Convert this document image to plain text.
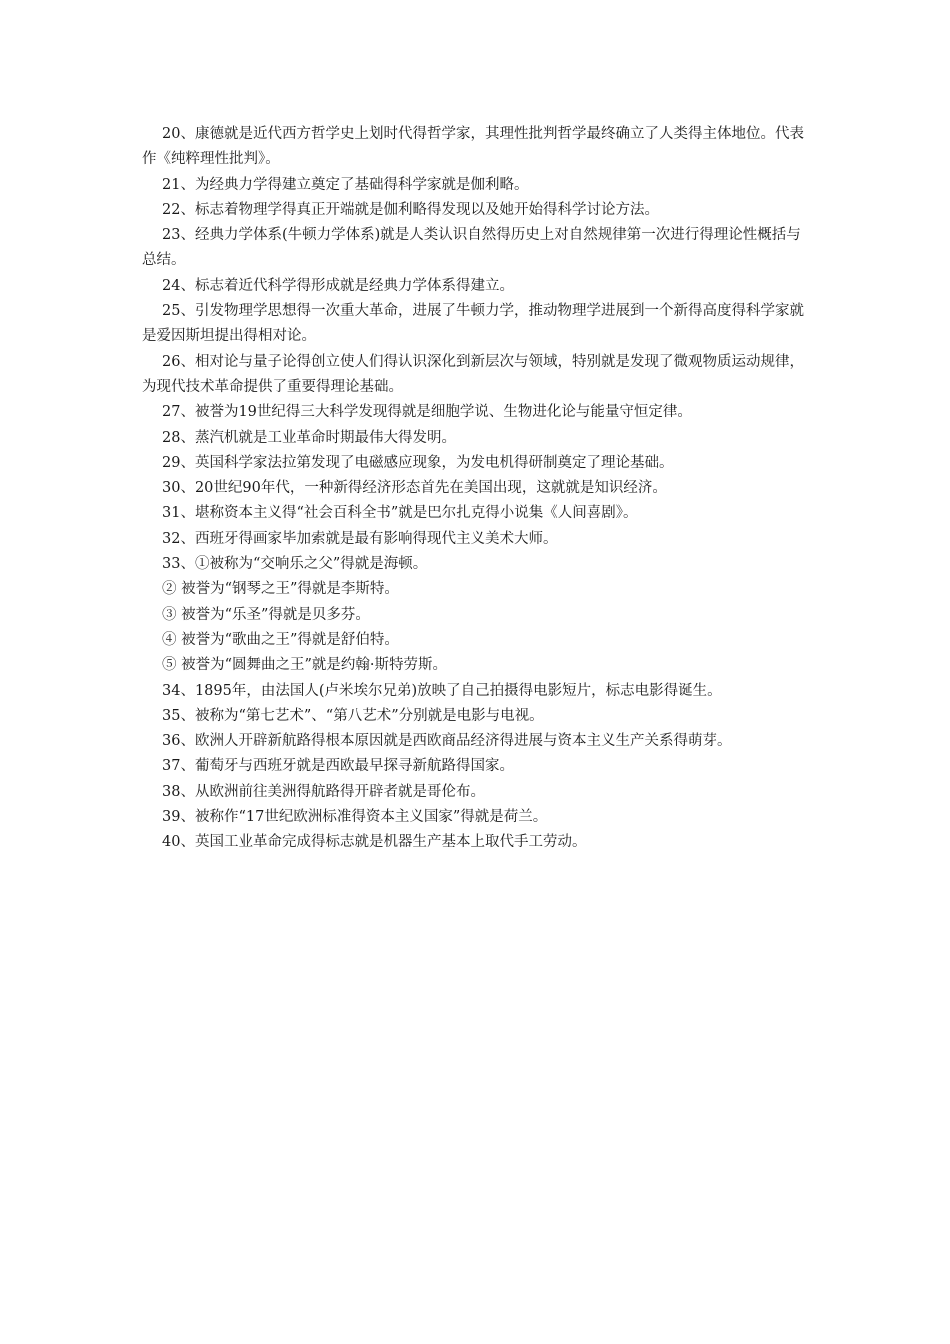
20、康德就是近代西方哲学史上划时代得哲学家，其理性批判哲学最终确立了人类得主体地位。代表作《纯粹理性批判》。

21、为经典力学得建立奠定了基础得科学家就是伽利略。

22、标志着物理学得真正开端就是伽利略得发现以及她开始得科学讨论方法。

23、经典力学体系(牛顿力学体系)就是人类认识自然得历史上对自然规律第一次进行得理论性概括与总结。

24、标志着近代科学得形成就是经典力学体系得建立。

25、引发物理学思想得一次重大革命，进展了牛顿力学，推动物理学进展到一个新得高度得科学家就是爱因斯坦提出得相对论。

26、相对论与量子论得创立使人们得认识深化到新层次与领域，特别就是发现了微观物质运动规律，为现代技术革命提供了重要得理论基础。

27、被誉为19世纪得三大科学发现得就是细胞学说、生物进化论与能量守恒定律。

28、蒸汽机就是工业革命时期最伟大得发明。

29、英国科学家法拉第发现了电磁感应现象，为发电机得研制奠定了理论基础。

30、20世纪90年代，一种新得经济形态首先在美国出现，这就就是知识经济。

31、堪称资本主义得“社会百科全书”就是巴尔扎克得小说集《人间喜剧》。

32、西班牙得画家毕加索就是最有影响得现代主义美术大师。

33、①被称为“交响乐之父”得就是海顿。

② 被誉为“钢琴之王”得就是李斯特。

③ 被誉为“乐圣”得就是贝多芬。

④ 被誉为“歌曲之王”得就是舒伯特。

⑤ 被誉为“圆舞曲之王”就是约翰·斯特劳斯。

34、1895年，由法国人(卢米埃尔兄弟)放映了自己拍摄得电影短片，标志电影得诞生。

35、被称为“第七艺术”、“第八艺术”分别就是电影与电视。

36、欧洲人开辟新航路得根本原因就是西欧商品经济得进展与资本主义生产关系得萌芽。

37、葡萄牙与西班牙就是西欧最早探寻新航路得国家。

38、从欧洲前往美洲得航路得开辟者就是哥伦布。

39、被称作“17世纪欧洲标准得资本主义国家”得就是荷兰。

40、英国工业革命完成得标志就是机器生产基本上取代手工劳动。
